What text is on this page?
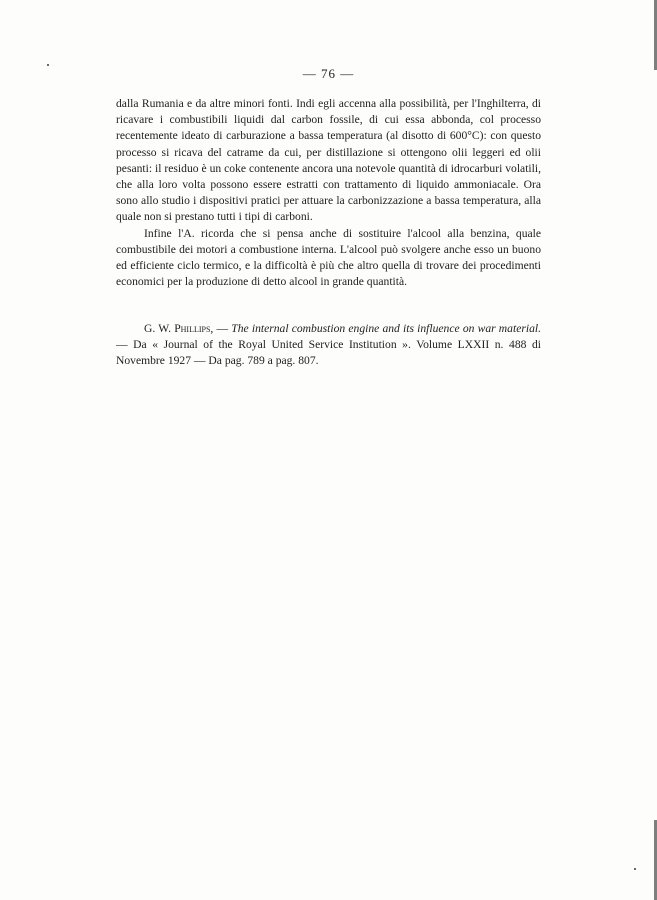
— 76 —

dalla Rumania e da altre minori fonti. Indi egli accenna alla possibilità, per l'Inghilterra, di ricavare i combustibili liquidi dal carbon fossile, di cui essa abbonda, col processo recentemente ideato di carburazione a bassa temperatura (al disotto di 600°C): con questo processo si ricava del catrame da cui, per distillazione si ottengono olii leggeri ed olii pesanti: il residuo è un coke contenente ancora una notevole quantità di idrocarburi volatili, che alla loro volta possono essere estratti con trattamento di liquido ammoniacale. Ora sono allo studio i dispositivi pratici per attuare la carbonizzazione a bassa temperatura, alla quale non si prestano tutti i tipi di carboni.

Infine l'A. ricorda che si pensa anche di sostituire l'alcool alla benzina, quale combustibile dei motori a combustione interna. L'alcool può svolgere anche esso un buono ed efficiente ciclo termico, e la difficoltà è più che altro quella di trovare dei procedimenti economici per la produzione di detto alcool in grande quantità.

G. W. Phillips, — The internal combustion engine and its influence on war material. — Da « Journal of the Royal United Service Institution ». Volume LXXII n. 488 di Novembre 1927 — Da pag. 789 a pag. 807.
